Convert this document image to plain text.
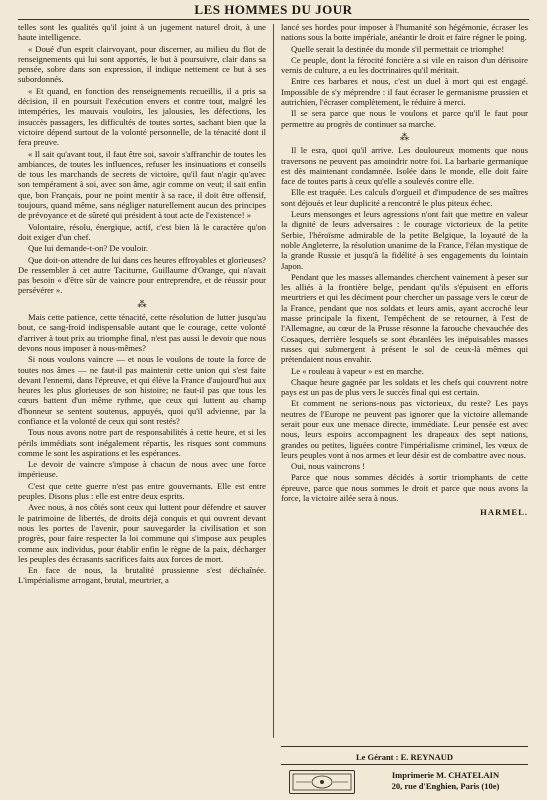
LES HOMMES DU JOUR

telles sont les qualités qu'il joint à un jugement naturel droit, à une haute intelligence.

« Doué d'un esprit clairvoyant, pour discerner, au milieu du flot de renseignements qui lui sont apportés, le but à poursuivre, clair dans sa pensée, sobre dans son expression, il indique nettement ce but à ses subordonnés.

« Et quand, en fonction des renseignements recueillis, il a pris sa décision, il en poursuit l'exécution envers et contre tout, malgré les intempéries, les mauvais vouloirs, les jalousies, les défections, les insuccès passagers, les difficultés de toutes sortes, sachant bien que la victoire dépend surtout de la volonté personnelle, de la ténacité dont il fera preuve.

« Il sait qu'avant tout, il faut être soi, savoir s'affranchir de toutes les ambiances, de toutes les influences, refuser les insinuations et conseils de tous les marchands de secrets de victoire, qu'il faut n'agir qu'avec son tempérament à soi, avec son âme, agir comme on veut; il sait enfin que, bon Français, pour ne point mentir à sa race, il doit être offensif, toujours, quand même, sans négliger naturellement aucun des principes de prévoyance et de sûreté qui président à tout acte de l'existence! »

Volontaire, résolu, énergique, actif, c'est bien là le caractère qu'on doit exiger d'un chef.

Que lui demande-t-on? De vouloir.

Que doit-on attendre de lui dans ces heures effroyables et glorieuses? De ressembler à cet autre Taciturne, Guillaume d'Orange, qui n'avait pas besoin « d'être sûr de vaincre pour entreprendre, et de réussir pour persévérer ».

⁂

Mais cette patience, cette ténacité, cette résolution de lutter jusqu'au bout, ce sang-froid indispensable autant que le courage, cette volonté d'arriver à tout prix au triomphe final, n'est pas aussi le devoir que nous devons nous imposer à nous-mêmes?

Si nous voulons vaincre — et nous le voulons de toute la force de toutes nos âmes — ne faut-il pas maintenir cette union qui s'est faite devant l'ennemi, dans l'épreuve, et qui élève la France d'aujourd'hui aux heures les plus glorieuses de son histoire; ne faut-il pas que tous les cœurs battent d'un même rythme, que ceux qui luttent au champ d'honneur se sentent soutenus, appuyés, quoi qu'il advienne, par la confiance et la volonté de ceux qui sont restés?

Tous nous avons notre part de responsabilités à cette heure, et si les périls immédiats sont inégalement répartis, les risques sont communs comme le sont les aspirations et les espérances.

Le devoir de vaincre s'impose à chacun de nous avec une force impérieuse.

C'est que cette guerre n'est pas entre gouvernants. Elle est entre peuples. Disons plus : elle est entre deux esprits.

Avec nous, à nos côtés sont ceux qui luttent pour défendre et sauver le patrimoine de libertés, de droits déjà conquis et qui ouvrent devant nous les portes de l'avenir, pour sauvegarder la civilisation et son progrès, pour faire respecter la loi commune qui s'impose aux peuples comme aux individus, pour établir enfin le règne de la paix, décharger les peuples des écrasants sacrifices faits aux forces de mort.

En face de nous, la brutalité prussienne s'est déchaînée. L'impérialisme arrogant, brutal, meurtrier, a

lancé ses hordes pour imposer à l'humanité son hégémonie, écraser les nations sous la botte impériale, anéantir le droit et faire régner le poing.

Quelle serait la destinée du monde s'il permettait ce triomphe!

Ce peuple, dont la férocité foncière a si vile en raison d'un dérisoire vernis de culture, a eu les doctrinaires qu'il méritait.

Entre ces barbares et nous, c'est un duel à mort qui est engagé. Impossible de s'y méprendre : il faut écraser le germanisme prussien et autrichien, l'écraser complètement, le réduire à merci.

Il se sera parce que nous le voulons et parce qu'il le faut pour permettre au progrès de continuer sa marche.

⁂

Il le esra, quoi qu'il arrive. Les douloureux moments que nous traversons ne peuvent pas amoindrir notre foi. La barbarie germanique est dès maintenant condamnée. Isolée dans le monde, elle doit faire face de toutes parts à ceux qu'elle a soulevés contre elle.

Elle est traquée. Les calculs d'orgueil et d'impudence de ses maîtres sont déjoués et leur duplicité a rencontré le plus piteux échec.

Leurs mensonges et leurs agressions n'ont fait que mettre en valeur la dignité de leurs adversaires : le courage victorieux de la petite Serbie, l'héroïsme admirable de la petite Belgique, la loyauté de la noble Angleterre, la résolution unanime de la France, l'élan mystique de la grande Russie et jusqu'à la fidélité à ses engagements du lointain Japon.

Pendant que les masses allemandes cherchent vainement à peser sur les alliés à la frontière belge, pendant qu'ils s'épuisent en efforts meurtriers et qui les déciment pour chercher un passage vers le cœur de la France, pendant que nos soldats et leurs amis, ayant accroché leur masse principale la fixent, l'empêchent de se retourner, à l'est de l'Allemagne, au cœur de la Prusse résonne la farouche chevauchée des Cosaques, derrière lesquels se sont ébranlées les inépuisables masses russes qui submergent à présent le sol de ceux-là mêmes qui prétendaient nous envahir.

Le « rouleau à vapeur » est en marche.

Chaque heure gagnée par les soldats et les chefs qui couvrent notre pays est un pas de plus vers le succès final qui est certain.

Et comment ne serions-nous pas victorieux, du reste? Les pays neutres de l'Europe ne peuvent pas ignorer que la victoire allemande serait pour eux une menace directe, immédiate. Leur pensée est avec nous, leurs espoirs accompagnent les drapeaux des sept nations, grandes ou petites, liguées contre l'impérialisme criminel, les vœux de leurs peuples vont à nos armes et leur désir est de combattre avec nous.

Oui, nous vaincrons !

Parce que nous sommes décidés à sortir triomphants de cette épreuve, parce que nous sommes le droit et parce que nous avons la force, la victoire ailée sera à nous.

HARMEL.

Le Gérant : E. REYNAUD
Imprimerie M. CHATELAIN
20, rue d'Enghien, Paris (10e)
